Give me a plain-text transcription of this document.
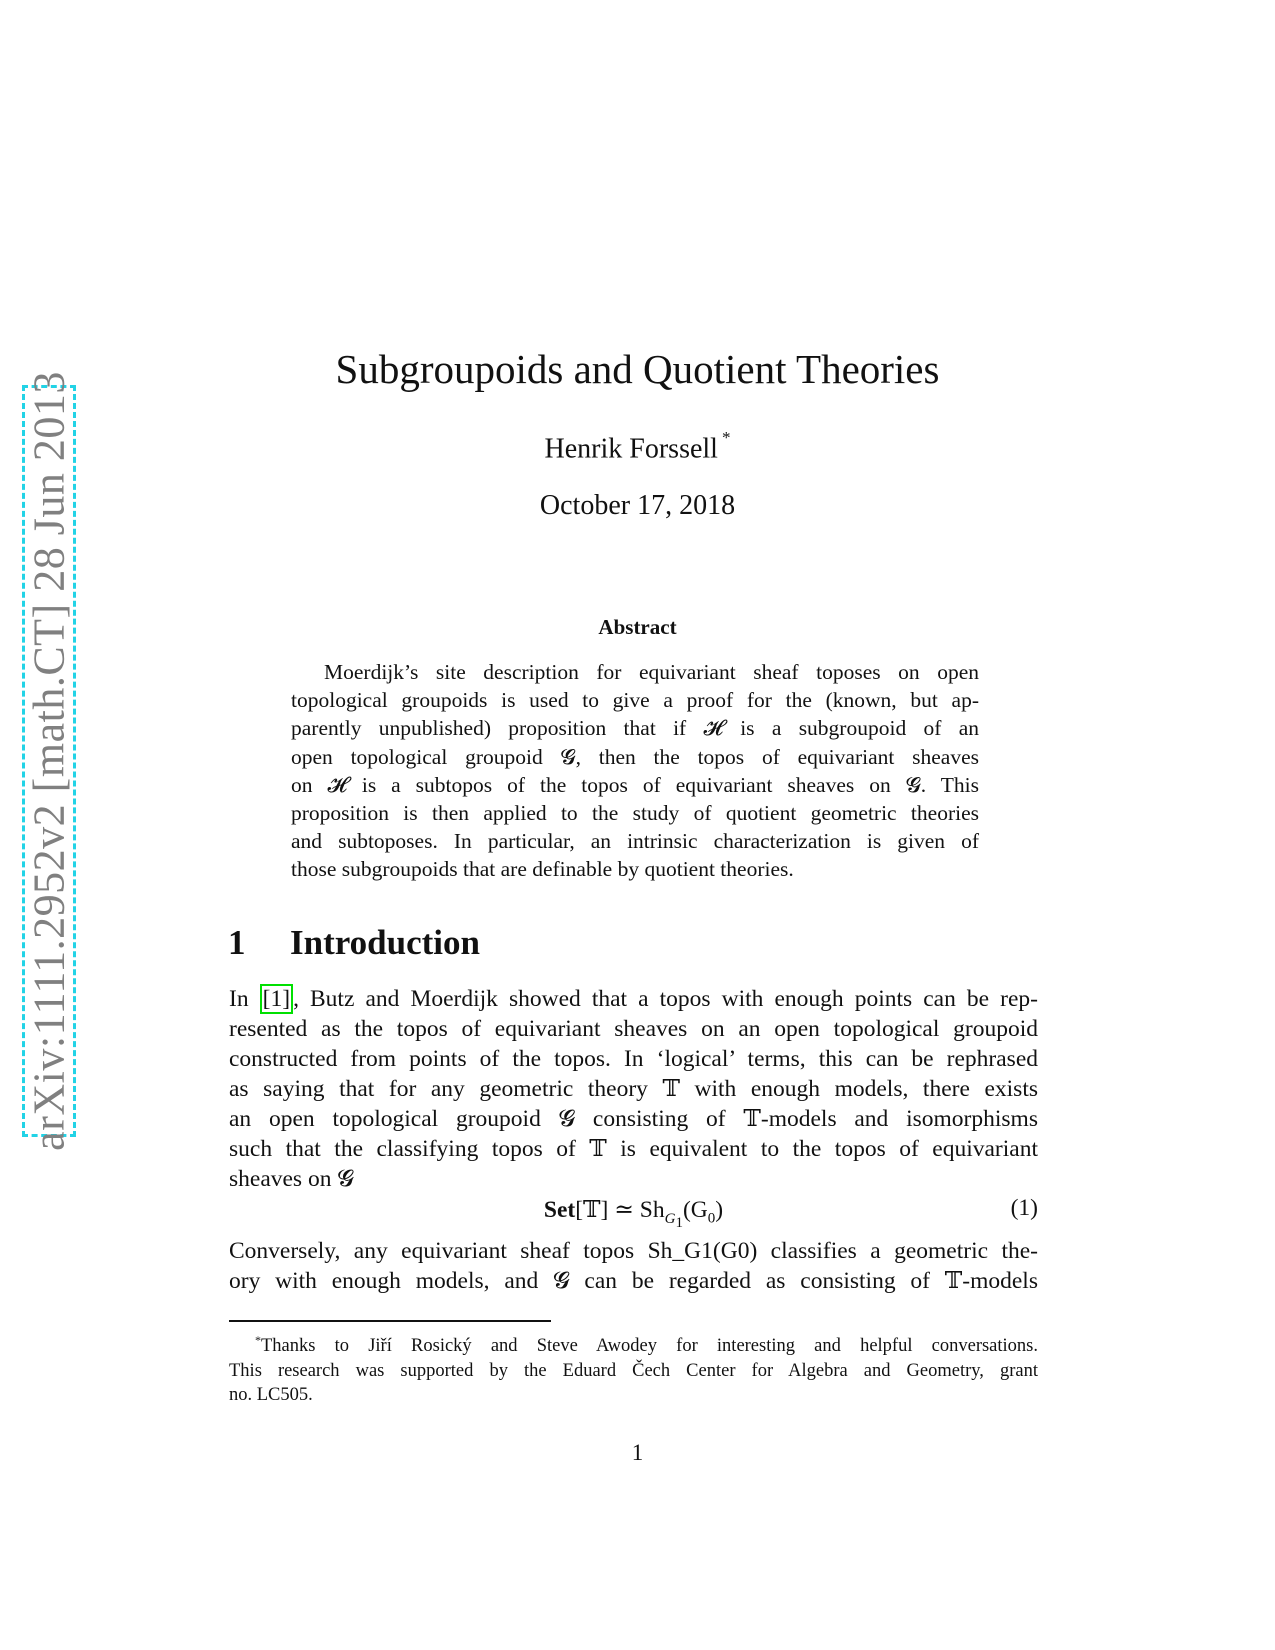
arXiv:1111.2952v2 [math.CT] 28 Jun 2013
Subgroupoids and Quotient Theories
Henrik Forssell *
October 17, 2018
Abstract
Moerdijk’s site description for equivariant sheaf toposes on open
topological groupoids is used to give a proof for the (known, but ap-
parently unpublished) proposition that if 𝓗 is a subgroupoid of an
open topological groupoid 𝓖, then the topos of equivariant sheaves
on 𝓗 is a subtopos of the topos of equivariant sheaves on 𝓖. This
proposition is then applied to the study of quotient geometric theories
and subtoposes. In particular, an intrinsic characterization is given of
those subgroupoids that are definable by quotient theories.
1 Introduction
In [1] , Butz and Moerdijk showed that a topos with enough points can be rep-
resented as the topos of equivariant sheaves on an open topological groupoid
constructed from points of the topos. In ‘logical’ terms, this can be rephrased
as saying that for any geometric theory 𝕋 with enough models, there exists
an open topological groupoid 𝓖 consisting of 𝕋-models and isomorphisms
such that the classifying topos of 𝕋 is equivalent to the topos of equivariant
sheaves on 𝓖
Set[𝕋] ≃ $Sh_{G_1}(G_0)$	(1)
Conversely, any equivariant sheaf topos Sh_G1(G0) classifies a geometric the-
ory with enough models, and 𝓖 can be regarded as consisting of 𝕋-models
*Thanks to Jiří Rosický and Steve Awodey for interesting and helpful conversations.
This research was supported by the Eduard Čech Center for Algebra and Geometry, grant
no. LC505.
1
